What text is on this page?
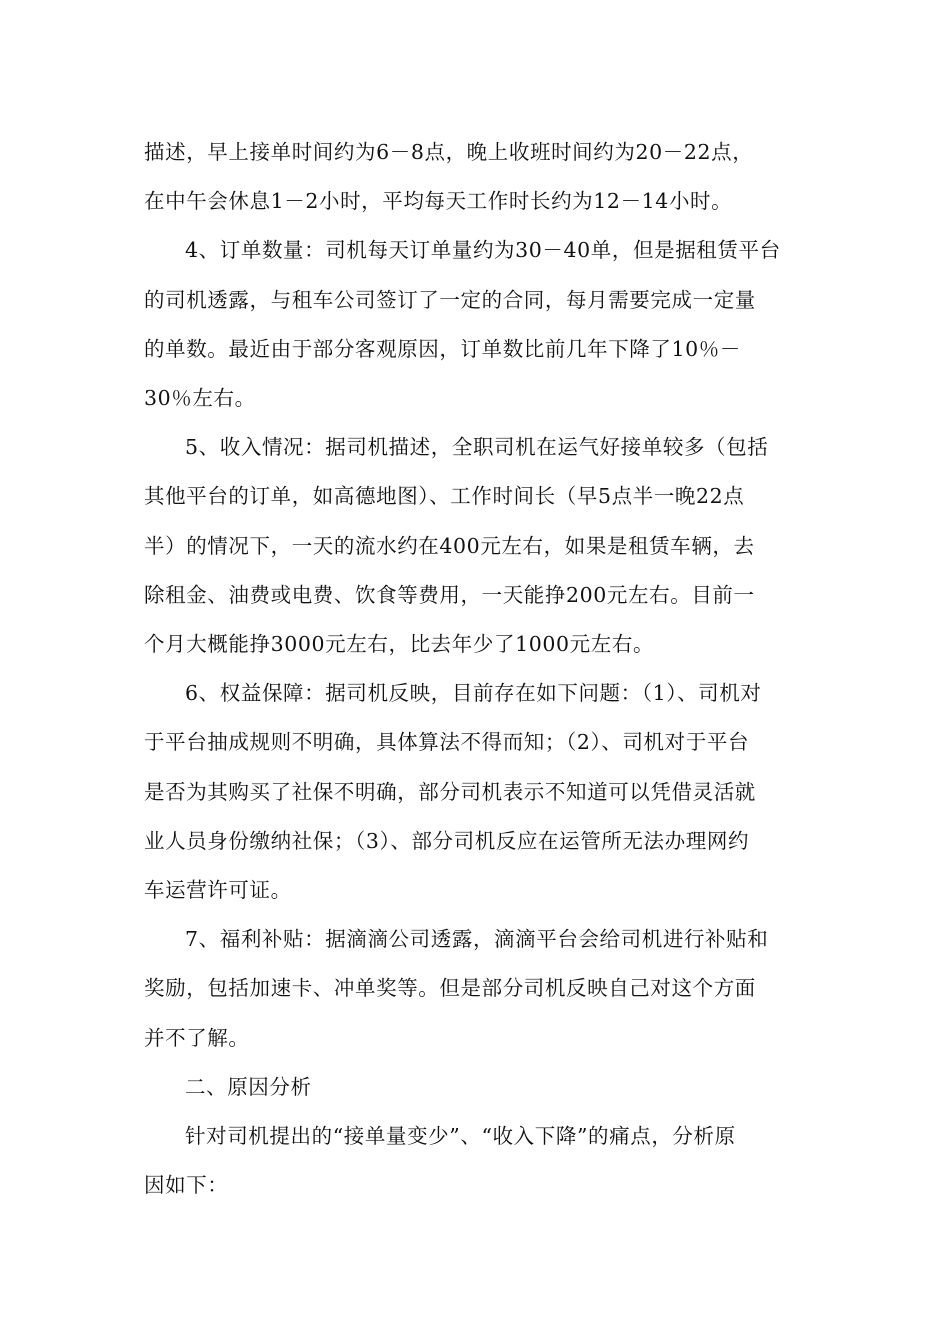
描述，早上接单时间约为6－8点，晚上收班时间约为20－22点，
在中午会休息1－2小时，平均每天工作时长约为12－14小时。

4、订单数量：司机每天订单量约为30－40单，但是据租赁平台
的司机透露，与租车公司签订了一定的合同，每月需要完成一定量
的单数。最近由于部分客观原因，订单数比前几年下降了10％－
30％左右。

5、收入情况：据司机描述，全职司机在运气好接单较多（包括
其他平台的订单，如高德地图）、工作时间长（早5点半一晚22点
半）的情况下，一天的流水约在400元左右，如果是租赁车辆，去
除租金、油费或电费、饮食等费用，一天能挣200元左右。目前一
个月大概能挣3000元左右，比去年少了1000元左右。

6、权益保障：据司机反映，目前存在如下问题：（1）、司机对
于平台抽成规则不明确，具体算法不得而知；（2）、司机对于平台
是否为其购买了社保不明确，部分司机表示不知道可以凭借灵活就
业人员身份缴纳社保；（3）、部分司机反应在运管所无法办理网约
车运营许可证。

7、福利补贴：据滴滴公司透露，滴滴平台会给司机进行补贴和
奖励，包括加速卡、冲单奖等。但是部分司机反映自己对这个方面
并不了解。

二、原因分析

针对司机提出的“接单量变少”、“收入下降”的痛点，分析原
因如下：
